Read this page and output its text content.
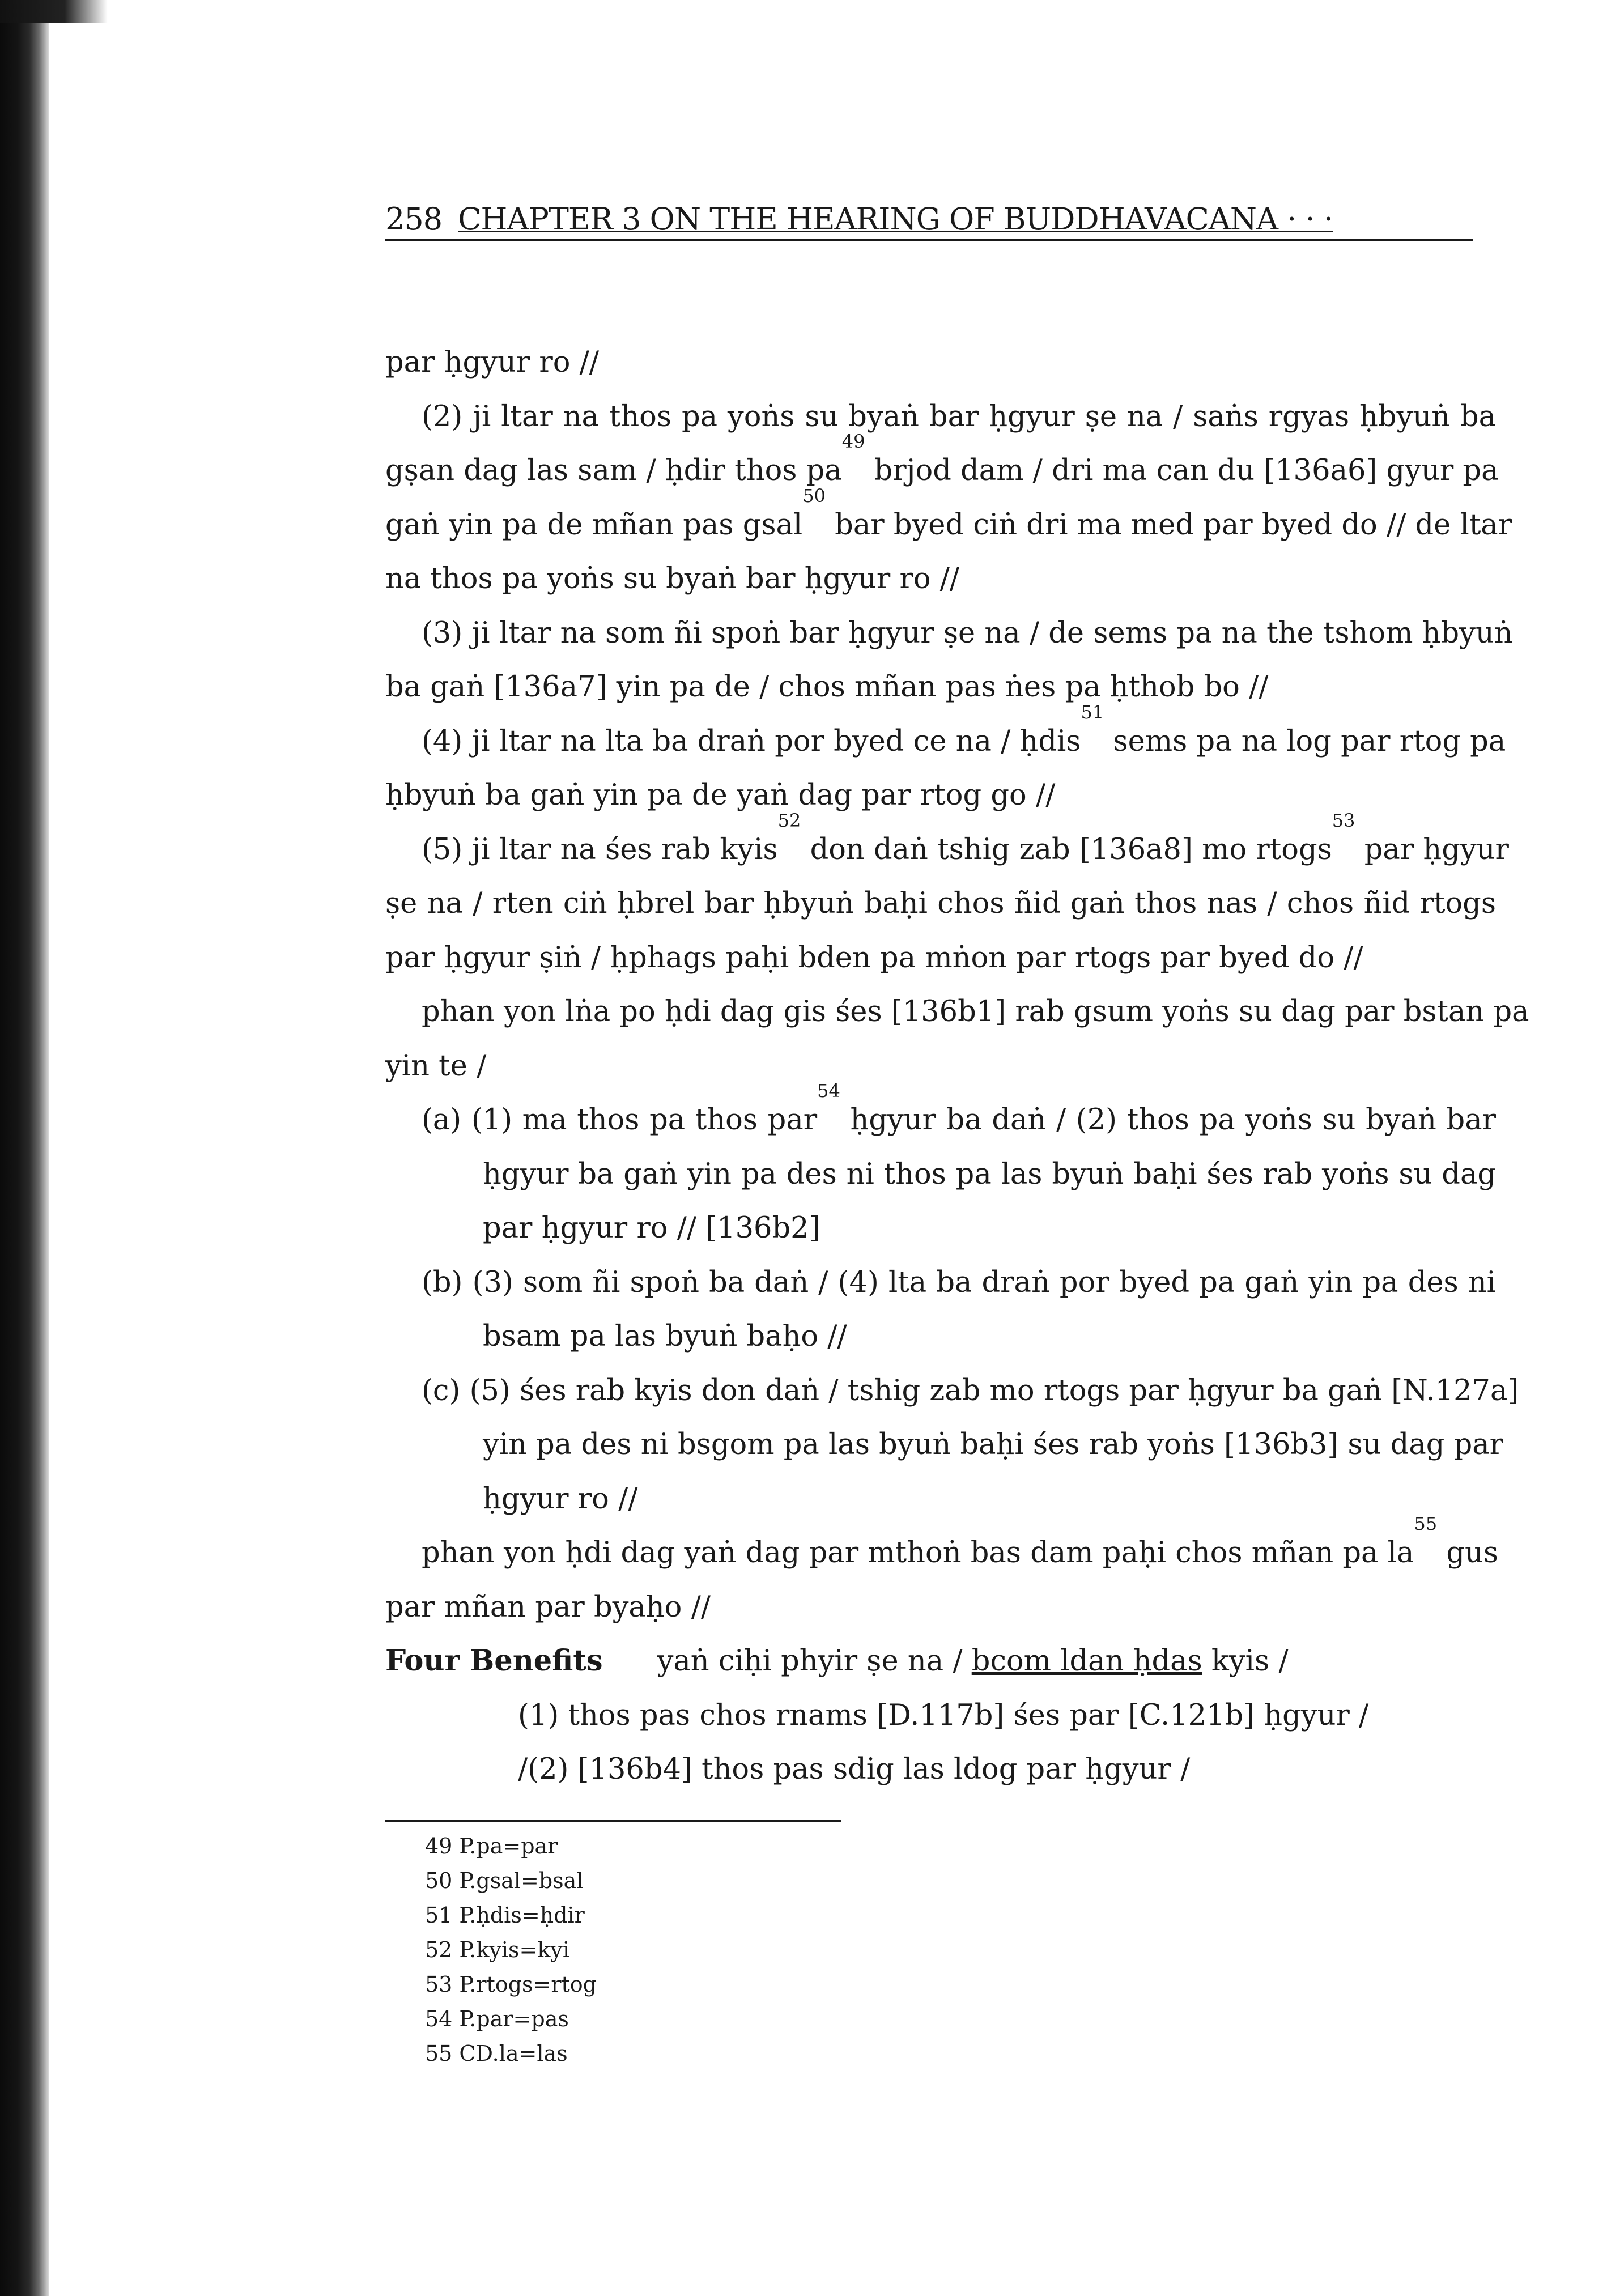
258 CHAPTER 3 ON THE HEARING OF BUDDHAVACANA · · ·
par ḥgyur ro //
(2) ji ltar na thos pa yoṅs su byaṅ bar ḥgyur ṣe na / saṅs rgyas ḥbyuṅ ba
gṣan dag las sam / ḥdir thos $pa^{49}$ brjod dam / dri ma can du [136a6] gyur pa
gaṅ yin pa de mñan pas gsal$^{50}$ bar byed ciṅ dri ma med par byed do // de ltar
na thos pa yoṅs su byaṅ bar ḥgyur ro //
(3) ji ltar na som ñi spoṅ bar ḥgyur ṣe na / de sems pa na the tshom ḥbyuṅ
ba gaṅ [136a7] yin pa de / chos mñan pas ṅes pa ḥthob bo //
(4) ji ltar na lta ba draṅ por byed ce na / ḥdis$^{51}$ sems pa na log par rtog pa
ḥbyuṅ ba gaṅ yin pa de yaṅ dag par rtog go //
(5) ji ltar na śes rab kyis$^{52}$ don daṅ tshig zab [136a8] mo rtogs$^{53}$ par ḥgyur
ṣe na / rten ciṅ ḥbrel bar ḥbyuṅ baḥi chos ñid gaṅ thos nas / chos ñid rtogs
par ḥgyur ṣiṅ / ḥphags paḥi bden pa mṅon par rtogs par byed do //
phan yon lṅa po ḥdi dag gis śes [136b1] rab gsum yoṅs su dag par bstan pa
yin te /
(a) (1) ma thos pa thos par$^{54}$ ḥgyur ba daṅ / (2) thos pa yoṅs su byaṅ bar
ḥgyur ba gaṅ yin pa des ni thos pa las byuṅ baḥi śes rab yoṅs su dag
par ḥgyur ro // [136b2]
(b) (3) som ñi spoṅ ba daṅ / (4) lta ba draṅ por byed pa gaṅ yin pa des ni
bsam pa las byuṅ baḥo //
(c) (5) śes rab kyis don daṅ / tshig zab mo rtogs par ḥgyur ba gaṅ [N.127a]
yin pa des ni bsgom pa las byuṅ baḥi śes rab yoṅs [136b3] su dag par
ḥgyur ro //
phan yon ḥdi dag yaṅ dag par mthoṅ bas dam paḥi chos mñan pa $la^{55}$ gus
par mñan par byaḥo //
Four Benefits yaṅ ciḥi phyir ṣe na / bcom ldan ḥdas kyis /
(1) thos pas chos rnams [D.117b] śes par [C.121b] ḥgyur /
/(2) [136b4] thos pas sdig las ldog par ḥgyur /
49 P.pa=par
50 P.gsal=bsal
51 P.ḥdis=ḥdir
52 P.kyis=kyi
53 P.rtogs=rtog
54 P.par=pas
55 CD.la=las
